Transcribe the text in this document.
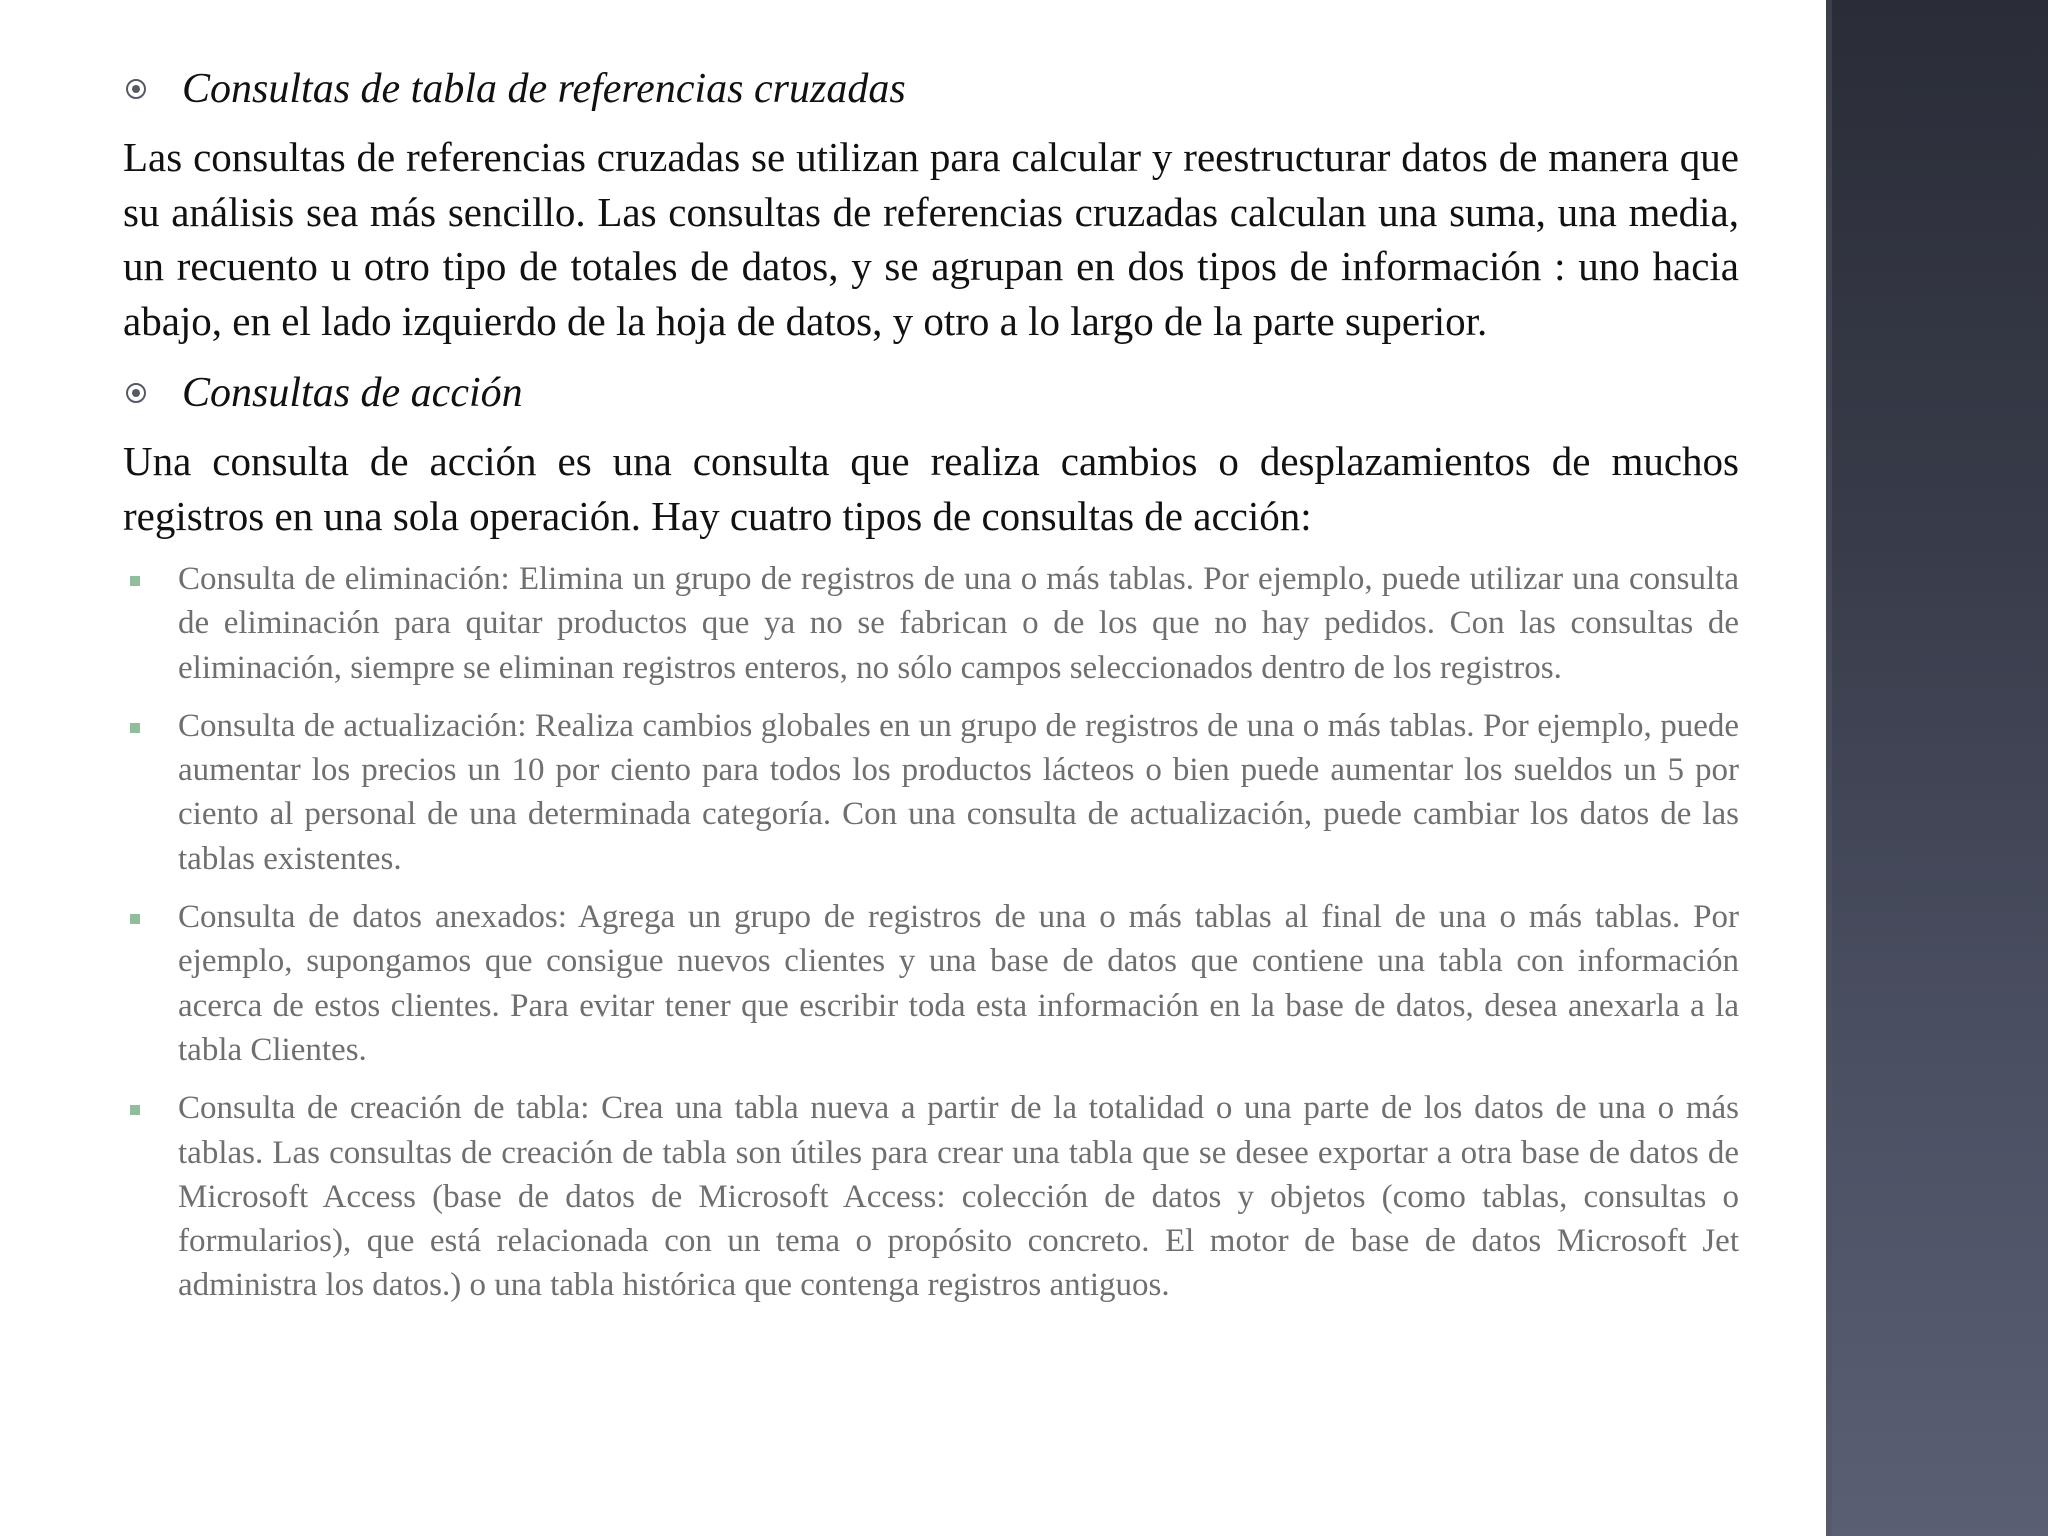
Consultas de tabla de referencias cruzadas

Las consultas de referencias cruzadas se utilizan para calcular y reestructurar datos de manera que su análisis sea más sencillo. Las consultas de referencias cruzadas calculan una suma, una media, un recuento u otro tipo de totales de datos, y se agrupan en dos tipos de información : uno hacia abajo, en el lado izquierdo de la hoja de datos, y otro a lo largo de la parte superior.

Consultas de acción

Una consulta de acción es una consulta que realiza cambios o desplazamientos de muchos registros en una sola operación. Hay cuatro tipos de consultas de acción:

Consulta de eliminación: Elimina un grupo de registros de una o más tablas. Por ejemplo, puede utilizar una consulta de eliminación para quitar productos que ya no se fabrican o de los que no hay pedidos. Con las consultas de eliminación, siempre se eliminan registros enteros, no sólo campos seleccionados dentro de los registros.
Consulta de actualización: Realiza cambios globales en un grupo de registros de una o más tablas. Por ejemplo, puede aumentar los precios un 10 por ciento para todos los productos lácteos o bien puede aumentar los sueldos un 5 por ciento al personal de una determinada categoría. Con una consulta de actualización, puede cambiar los datos de las tablas existentes.
Consulta de datos anexados: Agrega un grupo de registros de una o más tablas al final de una o más tablas. Por ejemplo, supongamos que consigue nuevos clientes y una base de datos que contiene una tabla con información acerca de estos clientes. Para evitar tener que escribir toda esta información en la base de datos, desea anexarla a la tabla Clientes.
Consulta de creación de tabla: Crea una tabla nueva a partir de la totalidad o una parte de los datos de una o más tablas. Las consultas de creación de tabla son útiles para crear una tabla que se desee exportar a otra base de datos de Microsoft Access (base de datos de Microsoft Access: colección de datos y objetos (como tablas, consultas o formularios), que está relacionada con un tema o propósito concreto. El motor de base de datos Microsoft Jet administra los datos.) o una tabla histórica que contenga registros antiguos.
